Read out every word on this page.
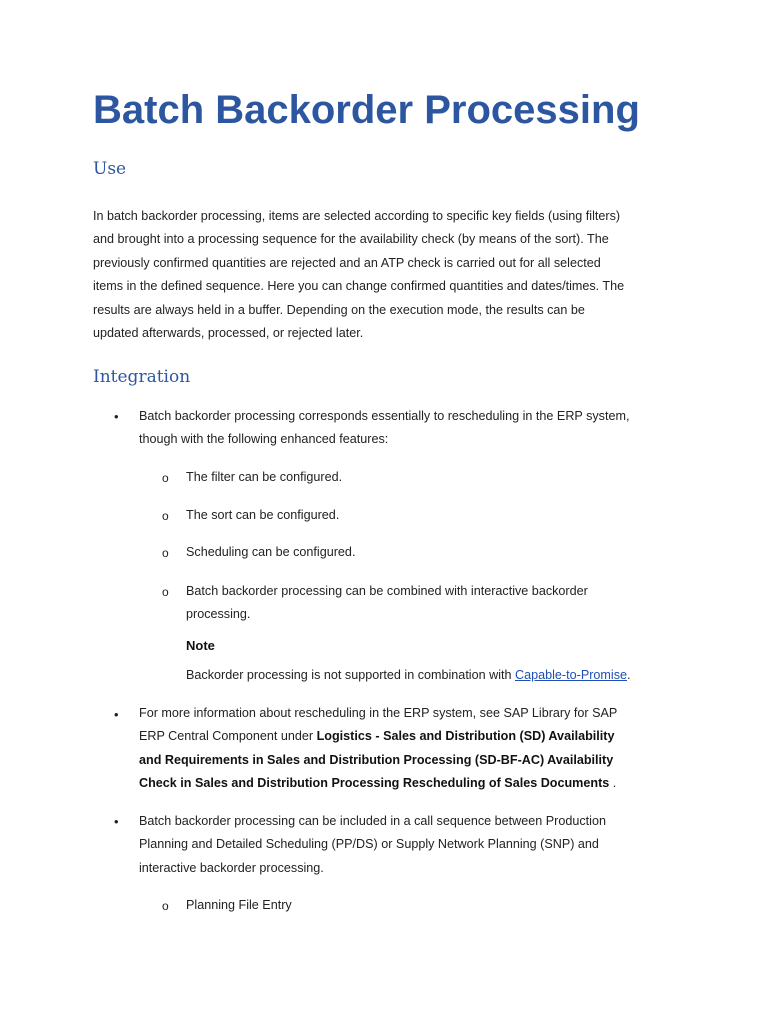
Batch Backorder Processing
Use
In batch backorder processing, items are selected according to specific key fields (using filters)
and brought into a processing sequence for the availability check (by means of the sort). The
previously confirmed quantities are rejected and an ATP check is carried out for all selected
items in the defined sequence. Here you can change confirmed quantities and dates/times. The
results are always held in a buffer. Depending on the execution mode, the results can be
updated afterwards, processed, or rejected later.
Integration
• Batch backorder processing corresponds essentially to rescheduling in the ERP system,
though with the following enhanced features:
o The filter can be configured.
o The sort can be configured.
o Scheduling can be configured.
o Batch backorder processing can be combined with interactive backorder
processing.
Note
Backorder processing is not supported in combination with Capable-to-Promise.
• For more information about rescheduling in the ERP system, see SAP Library for SAP
ERP Central Component under Logistics - Sales and Distribution (SD) Availability
and Requirements in Sales and Distribution Processing (SD-BF-AC) Availability
Check in Sales and Distribution Processing Rescheduling of Sales Documents .
• Batch backorder processing can be included in a call sequence between Production
Planning and Detailed Scheduling (PP/DS) or Supply Network Planning (SNP) and
interactive backorder processing.
o Planning File Entry
